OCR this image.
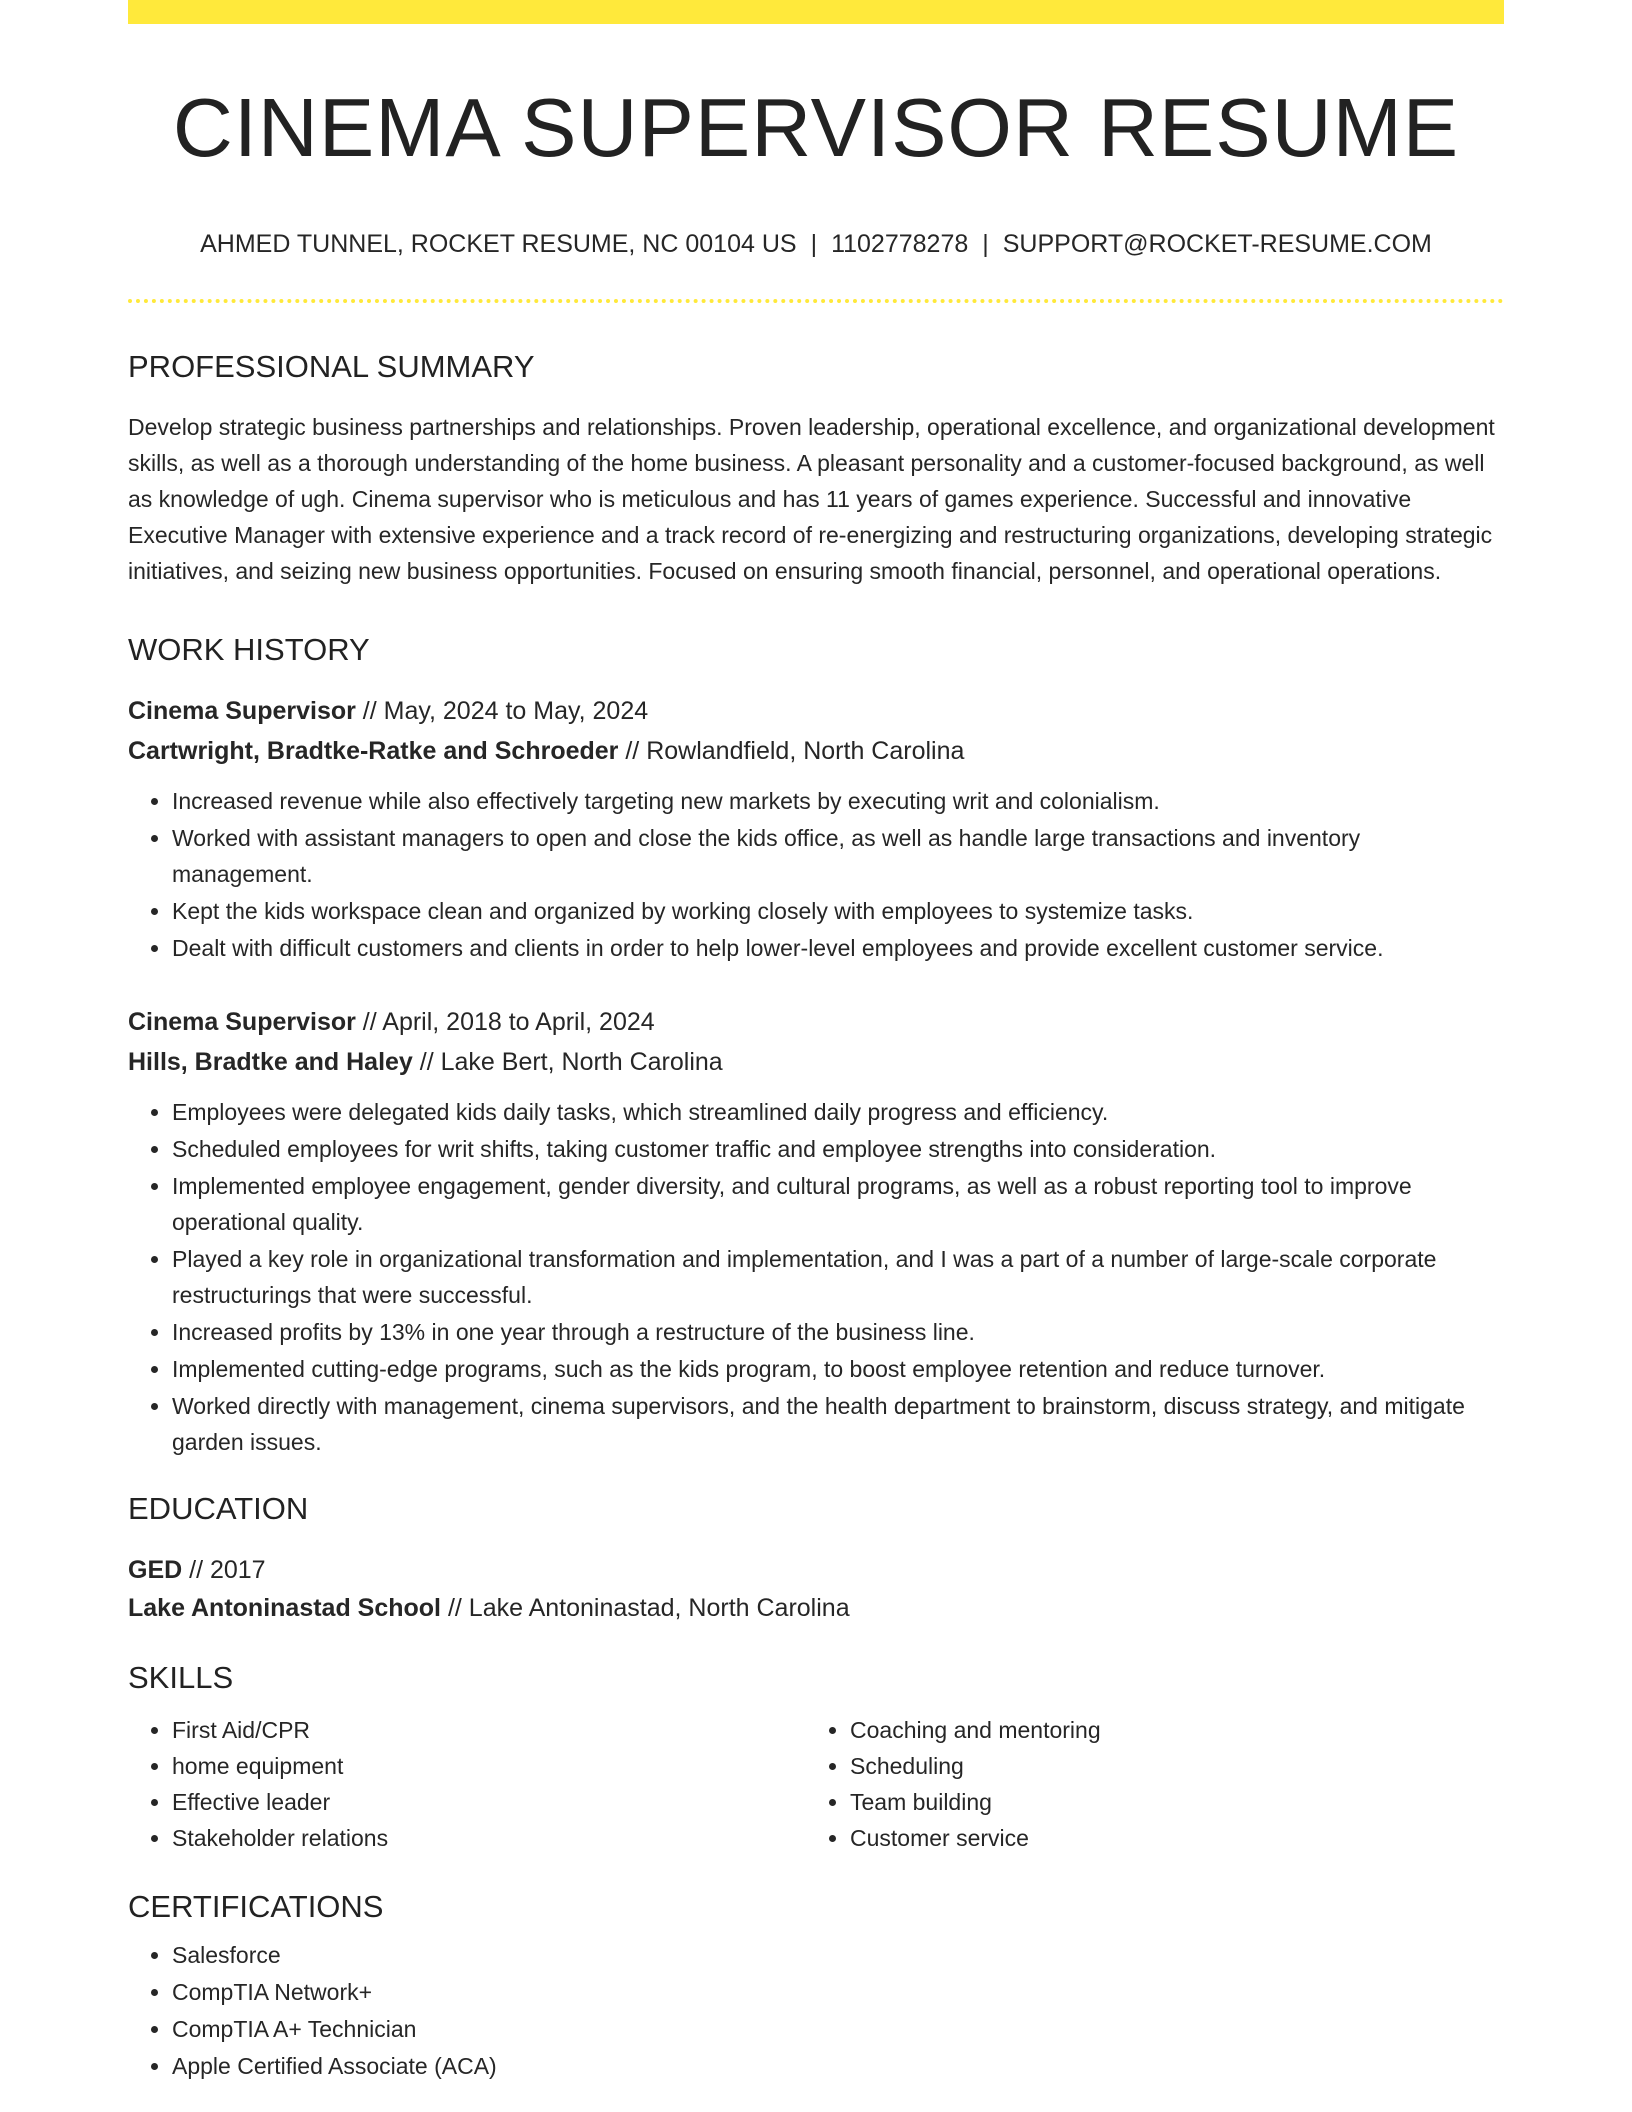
CINEMA SUPERVISOR RESUME
AHMED TUNNEL, ROCKET RESUME, NC 00104 US | 1102778278 | SUPPORT@ROCKET-RESUME.COM
PROFESSIONAL SUMMARY
Develop strategic business partnerships and relationships. Proven leadership, operational excellence, and organizational development skills, as well as a thorough understanding of the home business. A pleasant personality and a customer-focused background, as well as knowledge of ugh. Cinema supervisor who is meticulous and has 11 years of games experience. Successful and innovative Executive Manager with extensive experience and a track record of re-energizing and restructuring organizations, developing strategic initiatives, and seizing new business opportunities. Focused on ensuring smooth financial, personnel, and operational operations.
WORK HISTORY
Cinema Supervisor // May, 2024 to May, 2024
Cartwright, Bradtke-Ratke and Schroeder // Rowlandfield, North Carolina
• Increased revenue while also effectively targeting new markets by executing writ and colonialism.
• Worked with assistant managers to open and close the kids office, as well as handle large transactions and inventory management.
• Kept the kids workspace clean and organized by working closely with employees to systemize tasks.
• Dealt with difficult customers and clients in order to help lower-level employees and provide excellent customer service.
Cinema Supervisor // April, 2018 to April, 2024
Hills, Bradtke and Haley // Lake Bert, North Carolina
• Employees were delegated kids daily tasks, which streamlined daily progress and efficiency.
• Scheduled employees for writ shifts, taking customer traffic and employee strengths into consideration.
• Implemented employee engagement, gender diversity, and cultural programs, as well as a robust reporting tool to improve operational quality.
• Played a key role in organizational transformation and implementation, and I was a part of a number of large-scale corporate restructurings that were successful.
• Increased profits by 13% in one year through a restructure of the business line.
• Implemented cutting-edge programs, such as the kids program, to boost employee retention and reduce turnover.
• Worked directly with management, cinema supervisors, and the health department to brainstorm, discuss strategy, and mitigate garden issues.
EDUCATION
GED // 2017
Lake Antoninastad School // Lake Antoninastad, North Carolina
SKILLS
• First Aid/CPR
• home equipment
• Effective leader
• Stakeholder relations
• Coaching and mentoring
• Scheduling
• Team building
• Customer service
CERTIFICATIONS
• Salesforce
• CompTIA Network+
• CompTIA A+ Technician
• Apple Certified Associate (ACA)
